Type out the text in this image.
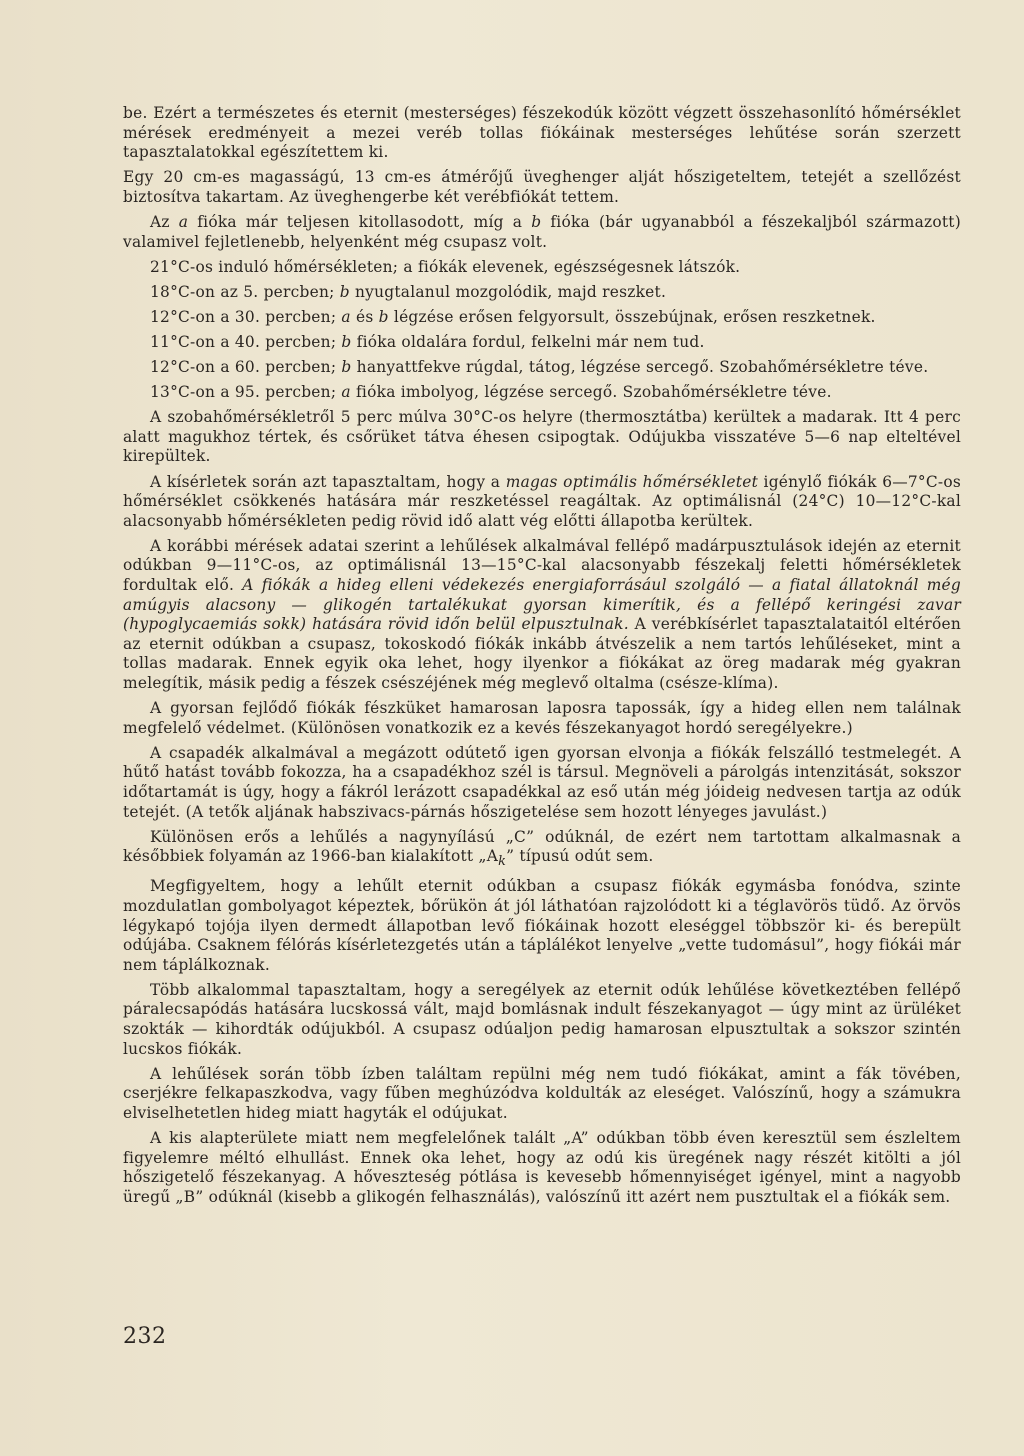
be. Ezért a természetes és eternit (mesterséges) fészekodúk között végzett összehasonlító hőmérséklet mérések eredményeit a mezei veréb tollas fiókáinak mesterséges lehűtése során szerzett tapasztalatokkal egészítettem ki.

Egy 20 cm-es magasságú, 13 cm-es átmérőjű üveghenger alját hőszigeteltem, tetejét a szellőzést biztosítva takartam. Az üveghengerbe két verébfiókát tettem.

Az a fióka már teljesen kitollasodott, míg a b fióka (bár ugyanabból a fészekaljból származott) valamivel fejletlenebb, helyenként még csupasz volt.

21°C-os induló hőmérsékleten; a fiókák elevenek, egészségesnek látszók.

18°C-on az 5. percben; b nyugtalanul mozgolódik, majd reszket.

12°C-on a 30. percben; a és b légzése erősen felgyorsult, összebújnak, erősen reszketnek.

11°C-on a 40. percben; b fióka oldalára fordul, felkelni már nem tud.

12°C-on a 60. percben; b hanyattfekve rúgdal, tátog, légzése sercegő. Szobahőmérsékletre téve.

13°C-on a 95. percben; a fióka imbolyog, légzése sercegő. Szobahőmérsékletre téve.

A szobahőmérsékletről 5 perc múlva 30°C-os helyre (thermosztátba) kerültek a madarak. Itt 4 perc alatt magukhoz tértek, és csőrüket tátva éhesen csipogtak. Odújukba visszatéve 5—6 nap elteltével kirepültek.

A kísérletek során azt tapasztaltam, hogy a magas optimális hőmérsékletet igénylő fiókák 6—7°C-os hőmérséklet csökkenés hatására már reszketéssel reagáltak. Az optimálisnál (24°C) 10—12°C-kal alacsonyabb hőmérsékleten pedig rövid idő alatt vég előtti állapotba kerültek.

A korábbi mérések adatai szerint a lehűlések alkalmával fellépő madárpusztulások idején az eternit odúkban 9—11°C-os, az optimálisnál 13—15°C-kal alacsonyabb fészekalj feletti hőmérsékletek fordultak elő. A fiókák a hideg elleni védekezés energiaforrásául szolgáló — a fiatal állatoknál még amúgyis alacsony — glikogén tartalékukat gyorsan kimerítik, és a fellépő keringési zavar (hypoglycaemiás sokk) hatására rövid időn belül elpusztulnak. A verébkísérlet tapasztalataitól eltérően az eternit odúkban a csupasz, tokoskodó fiókák inkább átvészelik a nem tartós lehűléseket, mint a tollas madarak. Ennek egyik oka lehet, hogy ilyenkor a fiókákat az öreg madarak még gyakran melegítik, másik pedig a fészek csészéjének még meglevő oltalma (csésze-klíma).

A gyorsan fejlődő fiókák fészküket hamarosan laposra tapossák, így a hideg ellen nem találnak megfelelő védelmet. (Különösen vonatkozik ez a kevés fészekanyagot hordó seregélyekre.)

A csapadék alkalmával a megázott odútető igen gyorsan elvonja a fiókák felszálló testmelegét. A hűtő hatást tovább fokozza, ha a csapadékhoz szél is társul. Megnöveli a párolgás intenzitását, sokszor időtartamát is úgy, hogy a fákról lerázott csapadékkal az eső után még jóideig nedvesen tartja az odúk tetejét. (A tetők aljának habszivacs-párnás hőszigetelése sem hozott lényeges javulást.)

Különösen erős a lehűlés a nagynyílású „C” odúknál, de ezért nem tartottam alkalmasnak a későbbiek folyamán az 1966-ban kialakított $„A_k$” típusú odút sem.

Megfigyeltem, hogy a lehűlt eternit odúkban a csupasz fiókák egymásba fonódva, szinte mozdulatlan gombolyagot képeztek, bőrükön át jól láthatóan rajzolódott ki a téglavörös tüdő. Az örvös légykapó tojója ilyen dermedt állapotban levő fiókáinak hozott eleséggel többször ki- és berepült odújába. Csaknem félórás kísérletezgetés után a táplálékot lenyelve „vette tudomásul”, hogy fiókái már nem táplálkoznak.

Több alkalommal tapasztaltam, hogy a seregélyek az eternit odúk lehűlése következtében fellépő páralecsapódás hatására lucskossá vált, majd bomlásnak indult fészekanyagot — úgy mint az ürüléket szokták — kihordták odújukból. A csupasz odúaljon pedig hamarosan elpusztultak a sokszor szintén lucskos fiókák.

A lehűlések során több ízben találtam repülni még nem tudó fiókákat, amint a fák tövében, cserjékre felkapaszkodva, vagy fűben meghúzódva koldulták az eleséget. Valószínű, hogy a számukra elviselhetetlen hideg miatt hagyták el odújukat.

A kis alapterülete miatt nem megfelelőnek talált „A” odúkban több éven keresztül sem észleltem figyelemre méltó elhullást. Ennek oka lehet, hogy az odú kis üregének nagy részét kitölti a jól hőszigetelő fészekanyag. A hőveszteség pótlása is kevesebb hőmennyiséget igényel, mint a nagyobb üregű „B” odúknál (kisebb a glikogén felhasználás), valószínű itt azért nem pusztultak el a fiókák sem.

232
